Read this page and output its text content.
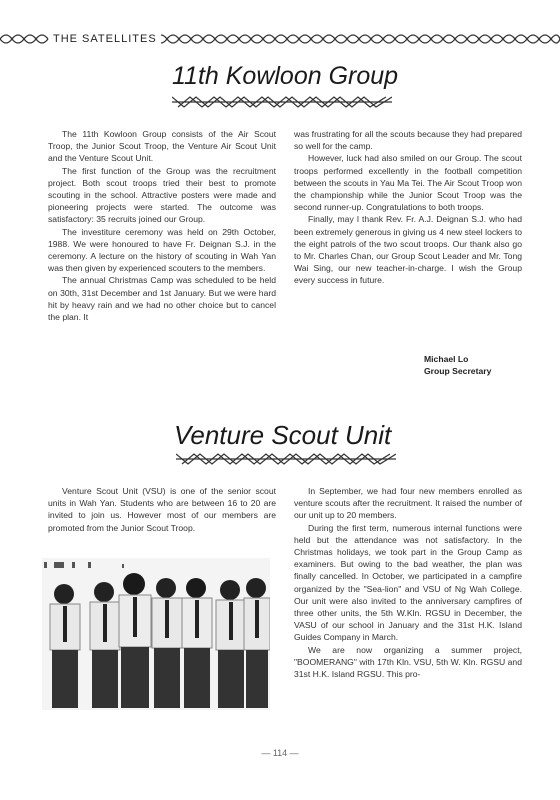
THE SATELLITES
11th Kowloon Group

The 11th Kowloon Group consists of the Air Scout Troop, the Junior Scout Troop, the Venture Air Scout Unit and the Venture Scout Unit.

The first function of the Group was the recruitment project. Both scout troops tried their best to promote scouting in the school. Attractive posters were made and pioneering projects were started. The outcome was satisfactory: 35 recruits joined our Group.

The investiture ceremony was held on 29th October, 1988. We were honoured to have Fr. Deignan S.J. in the ceremony. A lecture on the history of scouting in Wah Yan was then given by experienced scouters to the members.

The annual Christmas Camp was scheduled to be held on 30th, 31st December and 1st January. But we were hard hit by heavy rain and we had no other choice but to cancel the plan. It

was frustrating for all the scouts because they had prepared so well for the camp.

However, luck had also smiled on our Group. The scout troops performed excellently in the football competition between the scouts in Yau Ma Tei. The Air Scout Troop won the championship while the Junior Scout Troop was the second runner-up. Congratulations to both troops.

Finally, may I thank Rev. Fr. A.J. Deignan S.J. who had been extremely generous in giving us 4 new steel lockers to the eight patrols of the two scout troops. Our thank also go to Mr. Charles Chan, our Group Scout Leader and Mr. Tong Wai Sing, our new teacher-in-charge. I wish the Group every success in future.

Michael Lo
Group Secretary
Venture Scout Unit

Venture Scout Unit (VSU) is one of the senior scout units in Wah Yan. Students who are between 16 to 20 are invited to join us. However most of our members are promoted from the Junior Scout Troop.

In September, we had four new members enrolled as venture scouts after the recruitment. It raised the number of our unit up to 20 members.

During the first term, numerous internal functions were held but the attendance was not satisfactory. In the Christmas holidays, we took part in the Group Camp as examiners. But owing to the bad weather, the plan was finally cancelled. In October, we participated in a campfire organized by the "Sea-lion" and VSU of Ng Wah College. Our unit were also invited to the anniversary campfires of three other units, the 5th W.Kln. RGSU in December, the VASU of our school in January and the 31st H.K. Island Guides Company in March.

We are now organizing a summer project, "BOOMERANG" with 17th Kln. VSU, 5th W. Kln. RGSU and 31st H.K. Island RGSU. This pro-

— 114 —
